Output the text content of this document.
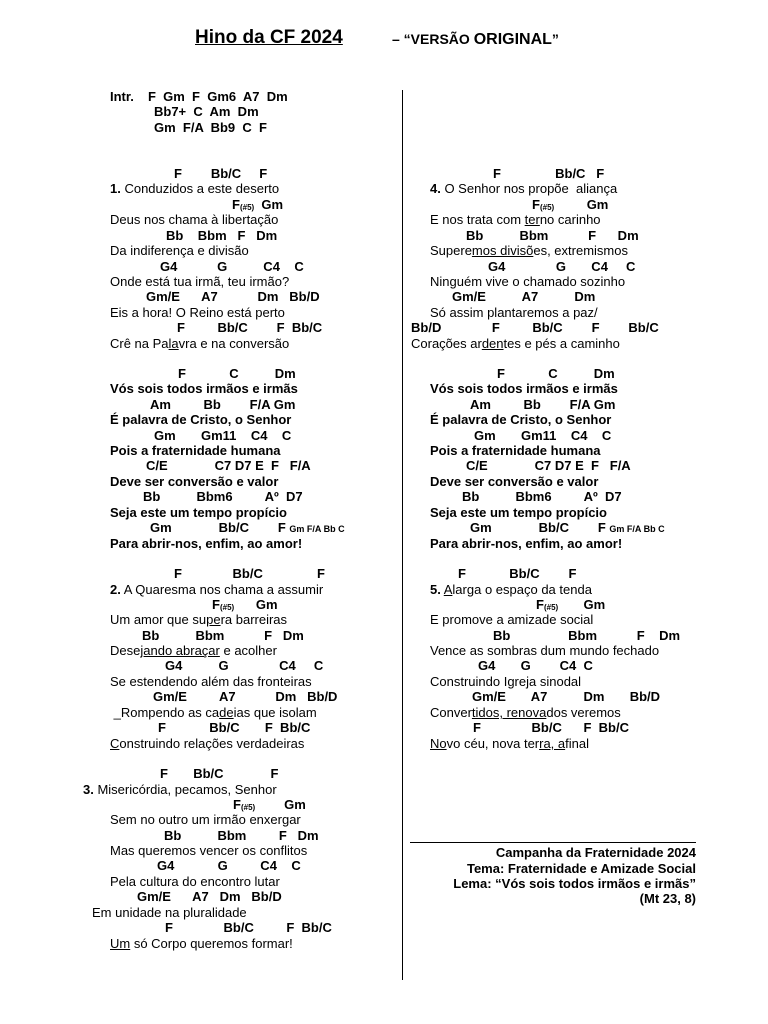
Hino da CF 2024	– “VERSÃO ORIGINAL”
Intr. F  Gm  F  Gm6  A7  Dm
Bb7+  C  Am  Dm
Gm  F/A  Bb9  C  F
F        Bb/C     F
1. Conduzidos a este deserto
$F_{(\#5)}$  Gm
Deus nos chama à libertação
Bb    Bbm   F   Dm
Da indiferença e divisão
G4           G          C4    C
Onde está tua irmã, teu irmão?
Gm/E      A7           Dm   Bb/D
Eis a hora! O Reino está perto
F         Bb/C        F  Bb/C
Crê na Palavra e na conversão
F            C          Dm
Vós sois todos irmãos e irmãs
Am         Bb        F/A Gm
É palavra de Cristo, o Senhor
Gm       Gm11    C4    C
Pois a fraternidade humana
C/E             C7 D7 E  F   F/A
Deve ser conversão e valor
Bb          Bbm6         Aº  D7
Seja este um tempo propício
Gm             Bb/C        F Gm F/A Bb C
Para abrir-nos, enfim, ao amor!
F              Bb/C               F
2. A Quaresma nos chama a assumir
$F_{(\#5)}$      Gm
Um amor que supera barreiras
Bb          Bbm           F   Dm
Desejando abraçar e acolher
G4          G              C4     C
Se estendendo além das fronteiras
Gm/E         A7           Dm   Bb/D
_Rompendo as cadeias que isolam
F            Bb/C       F  Bb/C
Construindo relações verdadeiras
F       Bb/C             F
3. Misericórdia, pecamos, Senhor
$F_{(\#5)}$        Gm
Sem no outro um irmão enxergar
Bb          Bbm         F   Dm
Mas queremos vencer os conflitos
G4            G         C4    C
Pela cultura do encontro lutar
Gm/E      A7   Dm   Bb/D
Em unidade na pluralidade
F              Bb/C         F  Bb/C
Um só Corpo queremos formar!
F               Bb/C   F
4. O Senhor nos propõe  aliança
$F_{(\#5)}$         Gm
E nos trata com terno carinho
Bb          Bbm           F      Dm
Superemos divisões, extremismos
G4              G       C4     C
Ninguém vive o chamado sozinho
Gm/E          A7          Dm
Só assim plantaremos a paz/
Bb/D              F         Bb/C        F        Bb/C
Corações ardentes e pés a caminho
F            C          Dm
Vós sois todos irmãos e irmãs
Am         Bb        F/A Gm
É palavra de Cristo, o Senhor
Gm       Gm11    C4    C
Pois a fraternidade humana
C/E             C7 D7 E  F   F/A
Deve ser conversão e valor
Bb          Bbm6         Aº  D7
Seja este um tempo propício
Gm             Bb/C        F Gm F/A Bb C
Para abrir-nos, enfim, ao amor!
F            Bb/C        F
5. Alarga o espaço da tenda
$F_{(\#5)}$       Gm
E promove a amizade social
Bb                Bbm           F    Dm
Vence as sombras dum mundo fechado
G4       G        C4  C
Construindo Igreja sinodal
Gm/E       A7          Dm       Bb/D
Convertidos, renovados veremos
F              Bb/C      F  Bb/C
Novo céu, nova terra, afinal
Campanha da Fraternidade 2024
Tema: Fraternidade e Amizade Social
Lema: “Vós sois todos irmãos e irmãs”
(Mt 23, 8)
